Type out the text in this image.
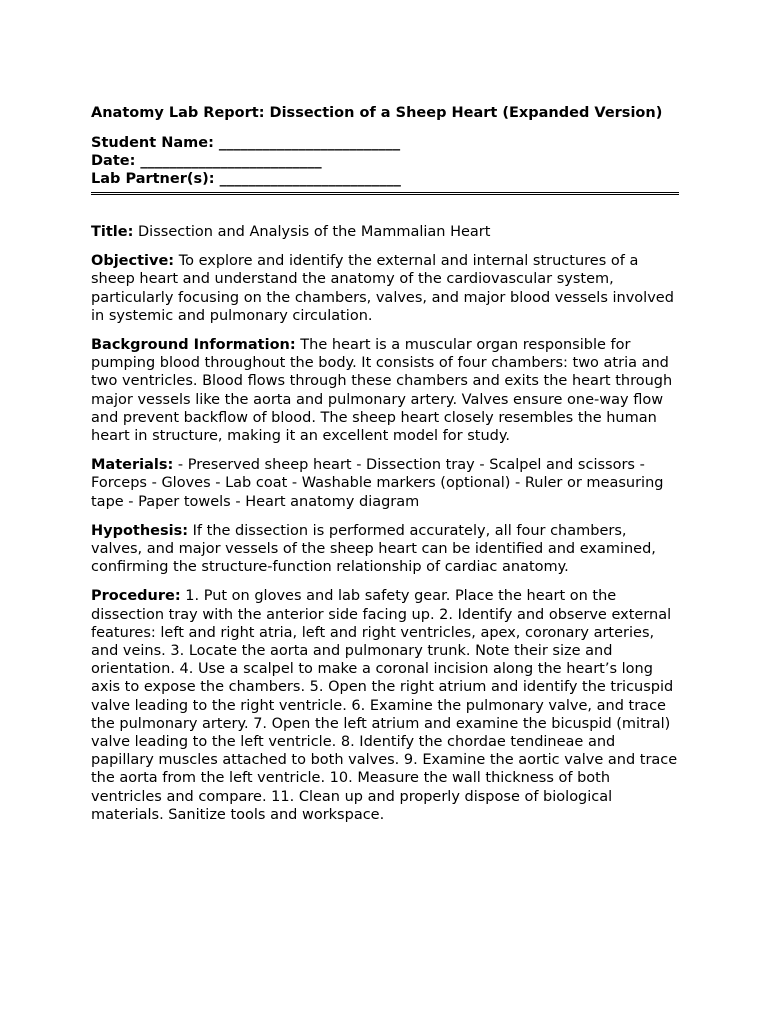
Anatomy Lab Report: Dissection of a Sheep Heart (Expanded Version)
Student Name: _________________________
Date: _________________________
Lab Partner(s): _________________________

Title: Dissection and Analysis of the Mammalian Heart

Objective: To explore and identify the external and internal structures of a sheep heart and understand the anatomy of the cardiovascular system, particularly focusing on the chambers, valves, and major blood vessels involved in systemic and pulmonary circulation.

Background Information: The heart is a muscular organ responsible for pumping blood throughout the body. It consists of four chambers: two atria and two ventricles. Blood flows through these chambers and exits the heart through major vessels like the aorta and pulmonary artery. Valves ensure one-way flow and prevent backflow of blood. The sheep heart closely resembles the human heart in structure, making it an excellent model for study.

Materials: - Preserved sheep heart - Dissection tray - Scalpel and scissors - Forceps - Gloves - Lab coat - Washable markers (optional) - Ruler or measuring tape - Paper towels - Heart anatomy diagram

Hypothesis: If the dissection is performed accurately, all four chambers, valves, and major vessels of the sheep heart can be identified and examined, confirming the structure-function relationship of cardiac anatomy.

Procedure: 1. Put on gloves and lab safety gear. Place the heart on the dissection tray with the anterior side facing up. 2. Identify and observe external features: left and right atria, left and right ventricles, apex, coronary arteries, and veins. 3. Locate the aorta and pulmonary trunk. Note their size and orientation. 4. Use a scalpel to make a coronal incision along the heart’s long axis to expose the chambers. 5. Open the right atrium and identify the tricuspid valve leading to the right ventricle. 6. Examine the pulmonary valve, and trace the pulmonary artery. 7. Open the left atrium and examine the bicuspid (mitral) valve leading to the left ventricle. 8. Identify the chordae tendineae and papillary muscles attached to both valves. 9. Examine the aortic valve and trace the aorta from the left ventricle. 10. Measure the wall thickness of both ventricles and compare. 11. Clean up and properly dispose of biological materials. Sanitize tools and workspace.
